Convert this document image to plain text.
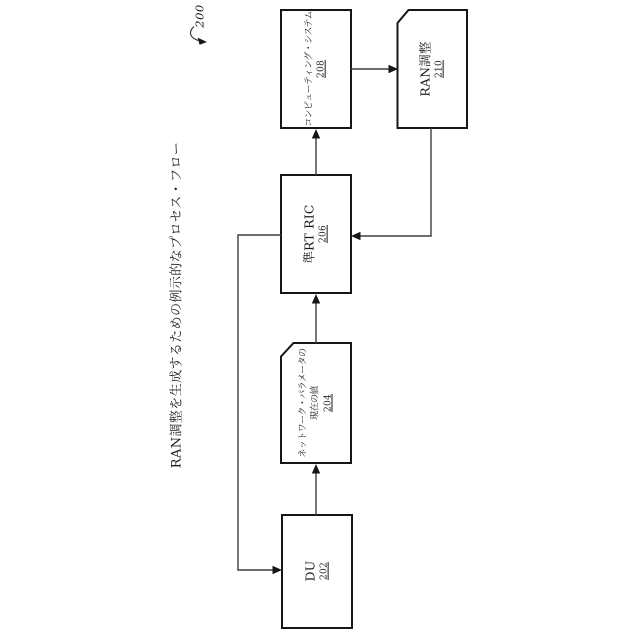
200
RAN調整を生成するための例示的なプロセス・フロー
コンピューティング・システム 208	RAN調整 210
準RT RIC 206
ネットワーク・パラメータの 現在の値 204
DU 202
